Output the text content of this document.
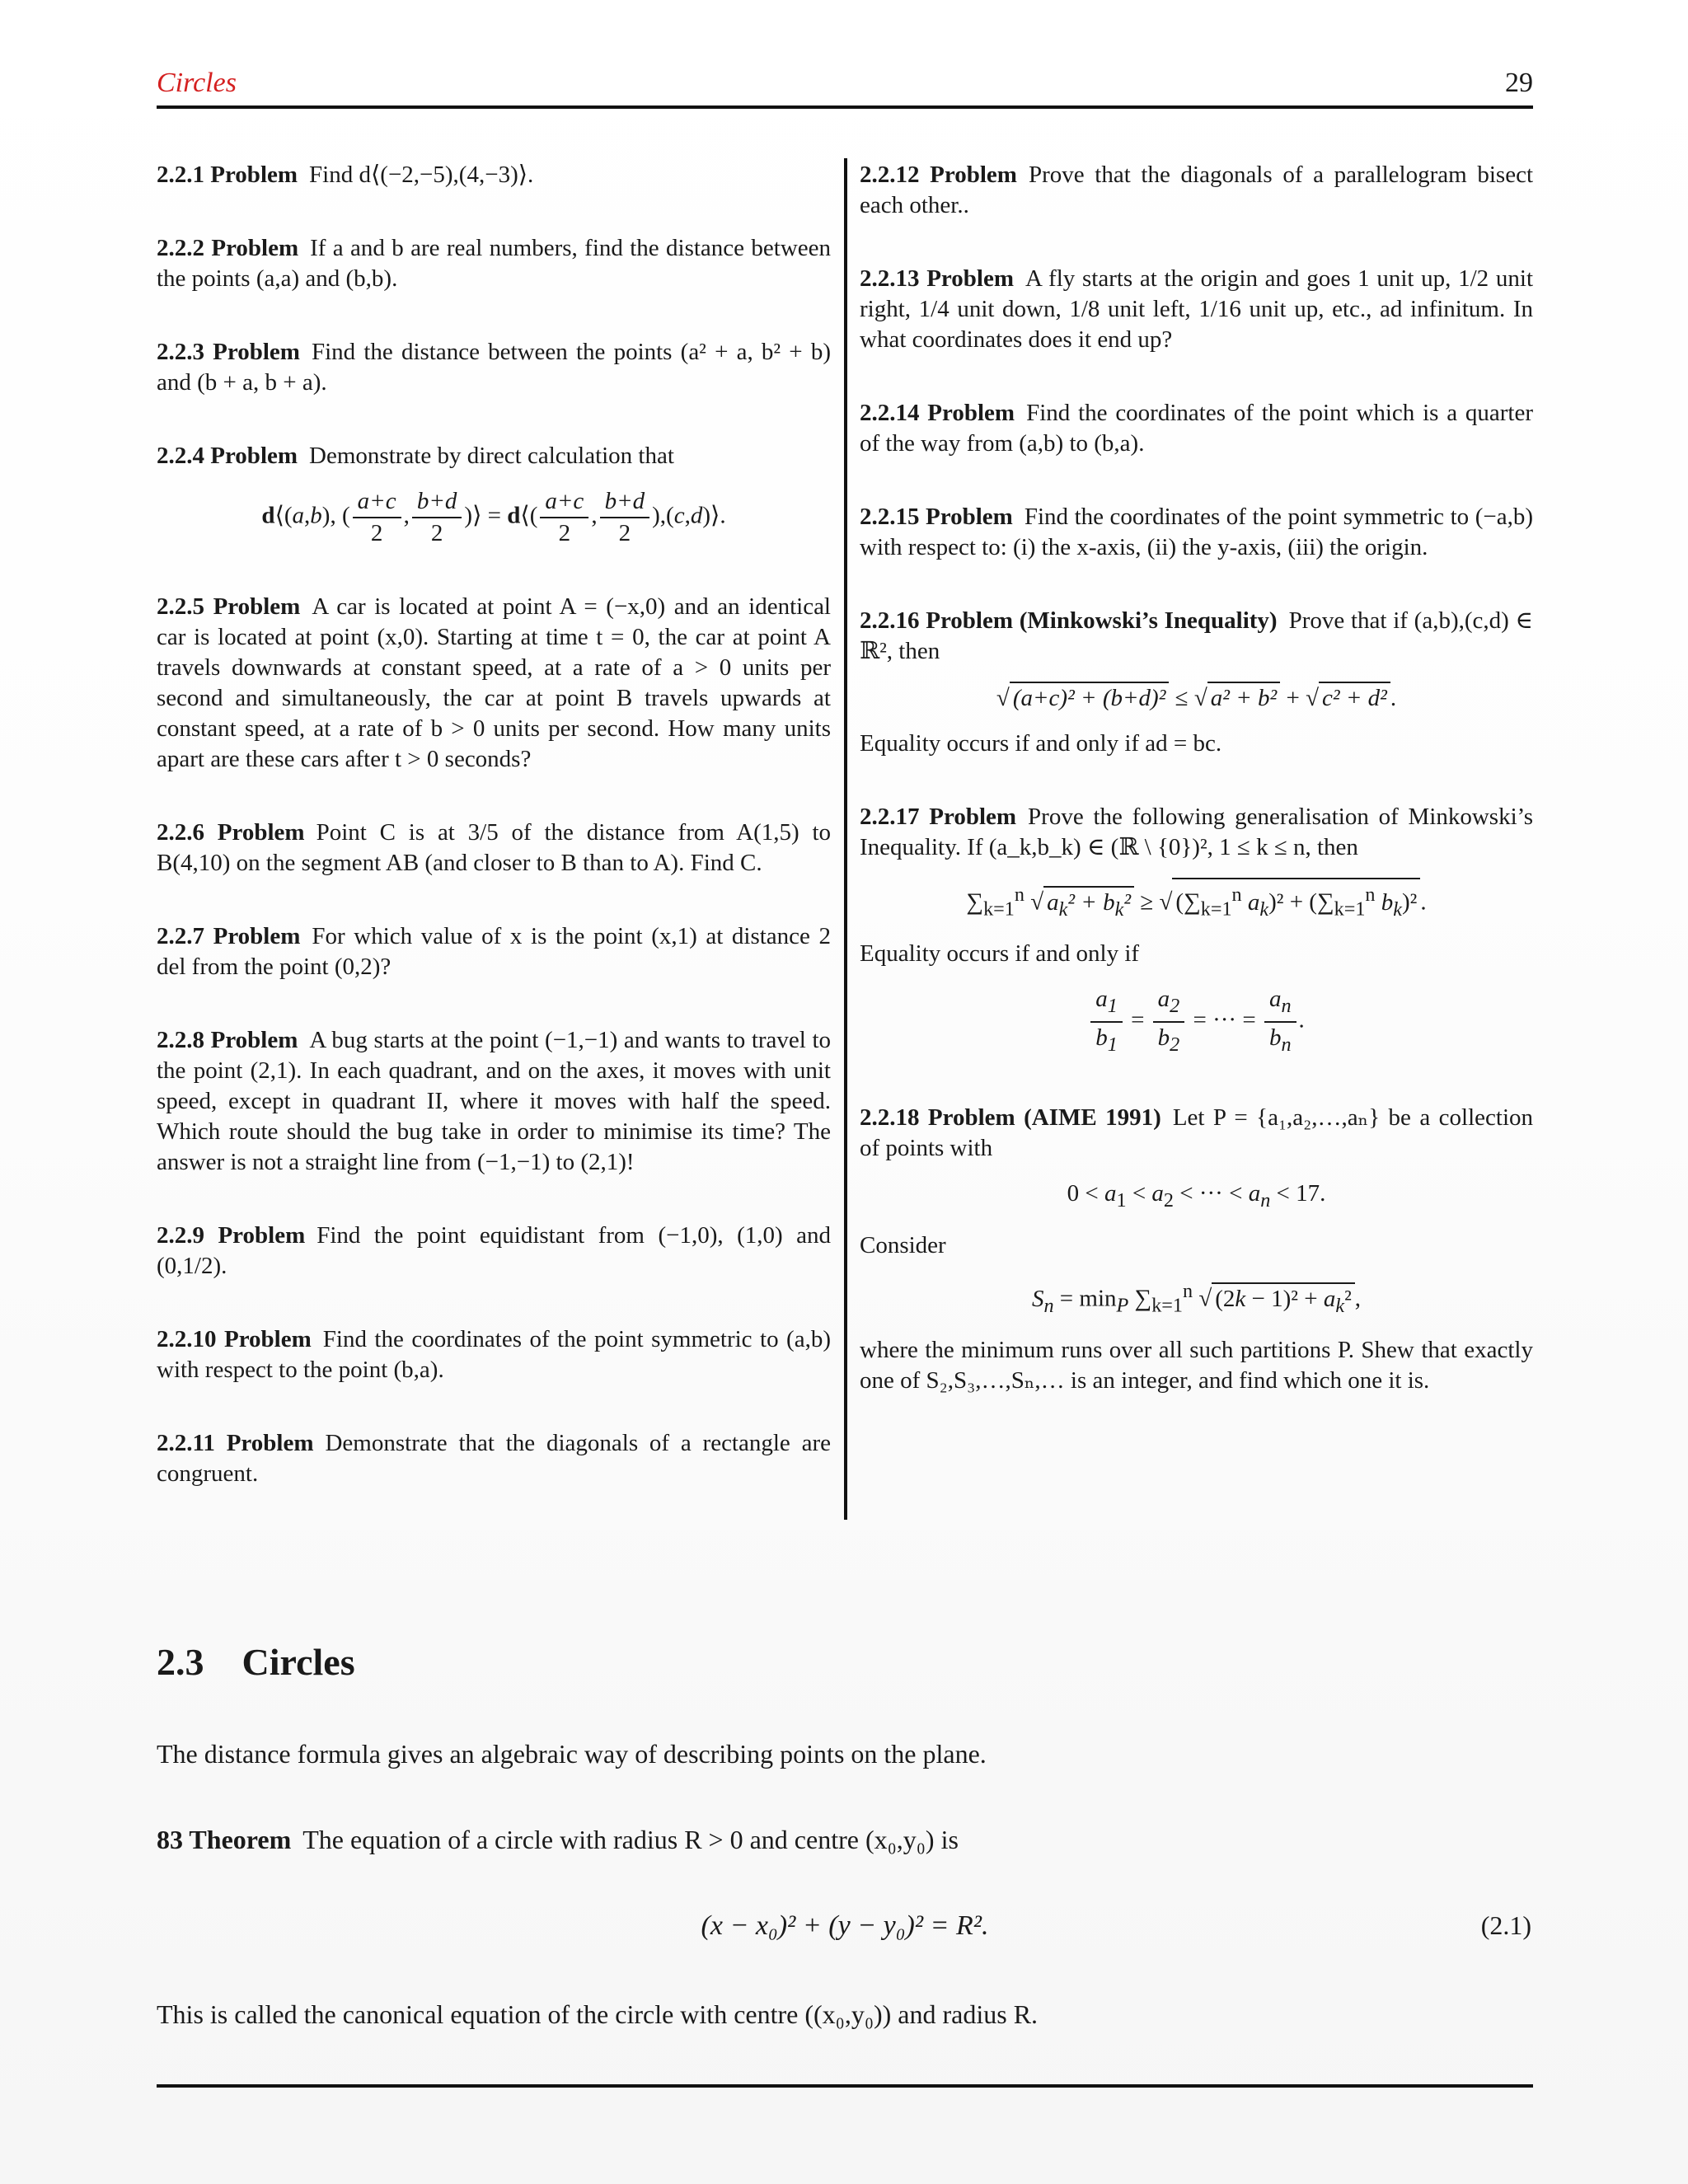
Circles	29

2.2.1 Problem Find d⟨(−2,−5),(4,−3)⟩.

2.2.2 Problem If a and b are real numbers, find the distance between the points (a,a) and (b,b).

2.2.3 Problem Find the distance between the points (a² + a, b² + b) and (b + a, b + a).

2.2.4 Problem Demonstrate by direct calculation that
d⟨(a,b), ( $\frac{a+c}{2}$ , $\frac{b+d}{2}$ )⟩ = d⟨( $\frac{a+c}{2}$ , $\frac{b+d}{2}$ ),(c,d)⟩.

2.2.5 Problem A car is located at point A = (−x,0) and an identical car is located at point (x,0). Starting at time t = 0, the car at point A travels downwards at constant speed, at a rate of a > 0 units per second and simultaneously, the car at point B travels upwards at constant speed, at a rate of b > 0 units per second. How many units apart are these cars after t > 0 seconds?

2.2.6 Problem Point C is at 3/5 of the distance from A(1,5) to B(4,10) on the segment AB (and closer to B than to A). Find C.

2.2.7 Problem For which value of x is the point (x,1) at distance 2 del from the point (0,2)?

2.2.8 Problem A bug starts at the point (−1,−1) and wants to travel to the point (2,1). In each quadrant, and on the axes, it moves with unit speed, except in quadrant II, where it moves with half the speed. Which route should the bug take in order to minimise its time? The answer is not a straight line from (−1,−1) to (2,1)!

2.2.9 Problem Find the point equidistant from (−1,0), (1,0) and (0,1/2).

2.2.10 Problem Find the coordinates of the point symmetric to (a,b) with respect to the point (b,a).

2.2.11 Problem Demonstrate that the diagonals of a rectangle are congruent.

2.2.12 Problem Prove that the diagonals of a parallelogram bisect each other..

2.2.13 Problem A fly starts at the origin and goes 1 unit up, 1/2 unit right, 1/4 unit down, 1/8 unit left, 1/16 unit up, etc., ad infinitum. In what coordinates does it end up?

2.2.14 Problem Find the coordinates of the point which is a quarter of the way from (a,b) to (b,a).

2.2.15 Problem Find the coordinates of the point symmetric to (−a,b) with respect to: (i) the x-axis, (ii) the y-axis, (iii) the origin.

2.2.16 Problem (Minkowski’s Inequality) Prove that if (a,b),(c,d) ∈ ℝ², then
√ (a+c)² + (b+d)² ≤ √ a² + b² + √ c² + d² .
Equality occurs if and only if ad = bc.
2.2.17 Problem Prove the following generalisation of Minkowski’s Inequality. If (a_k,b_k) ∈ (ℝ \ {0})², 1 ≤ k ≤ n, then
$\sum_{k=1}^n$ √ $a_k^2 + b_k^2$ ≥ √ ($\sum_{k=1}^n$ $a_k)^2 + (\sum_{k=1}^n$ $b_k)^2$ .
Equality occurs if and only if
$\frac{a_1}{b_1} = \frac{a_2}{b_2}$ = ··· = $\frac{a_n}{b_n}$ .
2.2.18 Problem (AIME 1991) Let P = {a₁,a₂,…,aₙ} be a collection of points with
$0 < a_1 < a_2$ < ··· < $a_n < 17$.
Consider
$S_n = \min_P \sum_{k=1}^n$ √ $(2k - 1)^2 + a_k^2$ ,
where the minimum runs over all such partitions P. Shew that exactly one of S₂,S₃,…,Sₙ,… is an integer, and find which one it is.
2.3 Circles
The distance formula gives an algebraic way of describing points on the plane.
83 Theorem The equation of a circle with radius R > 0 and centre (x₀,y₀) is
(x − x₀)² + (y − y₀)² = R².	(2.1)
This is called the canonical equation of the circle with centre ((x₀,y₀)) and radius R.
